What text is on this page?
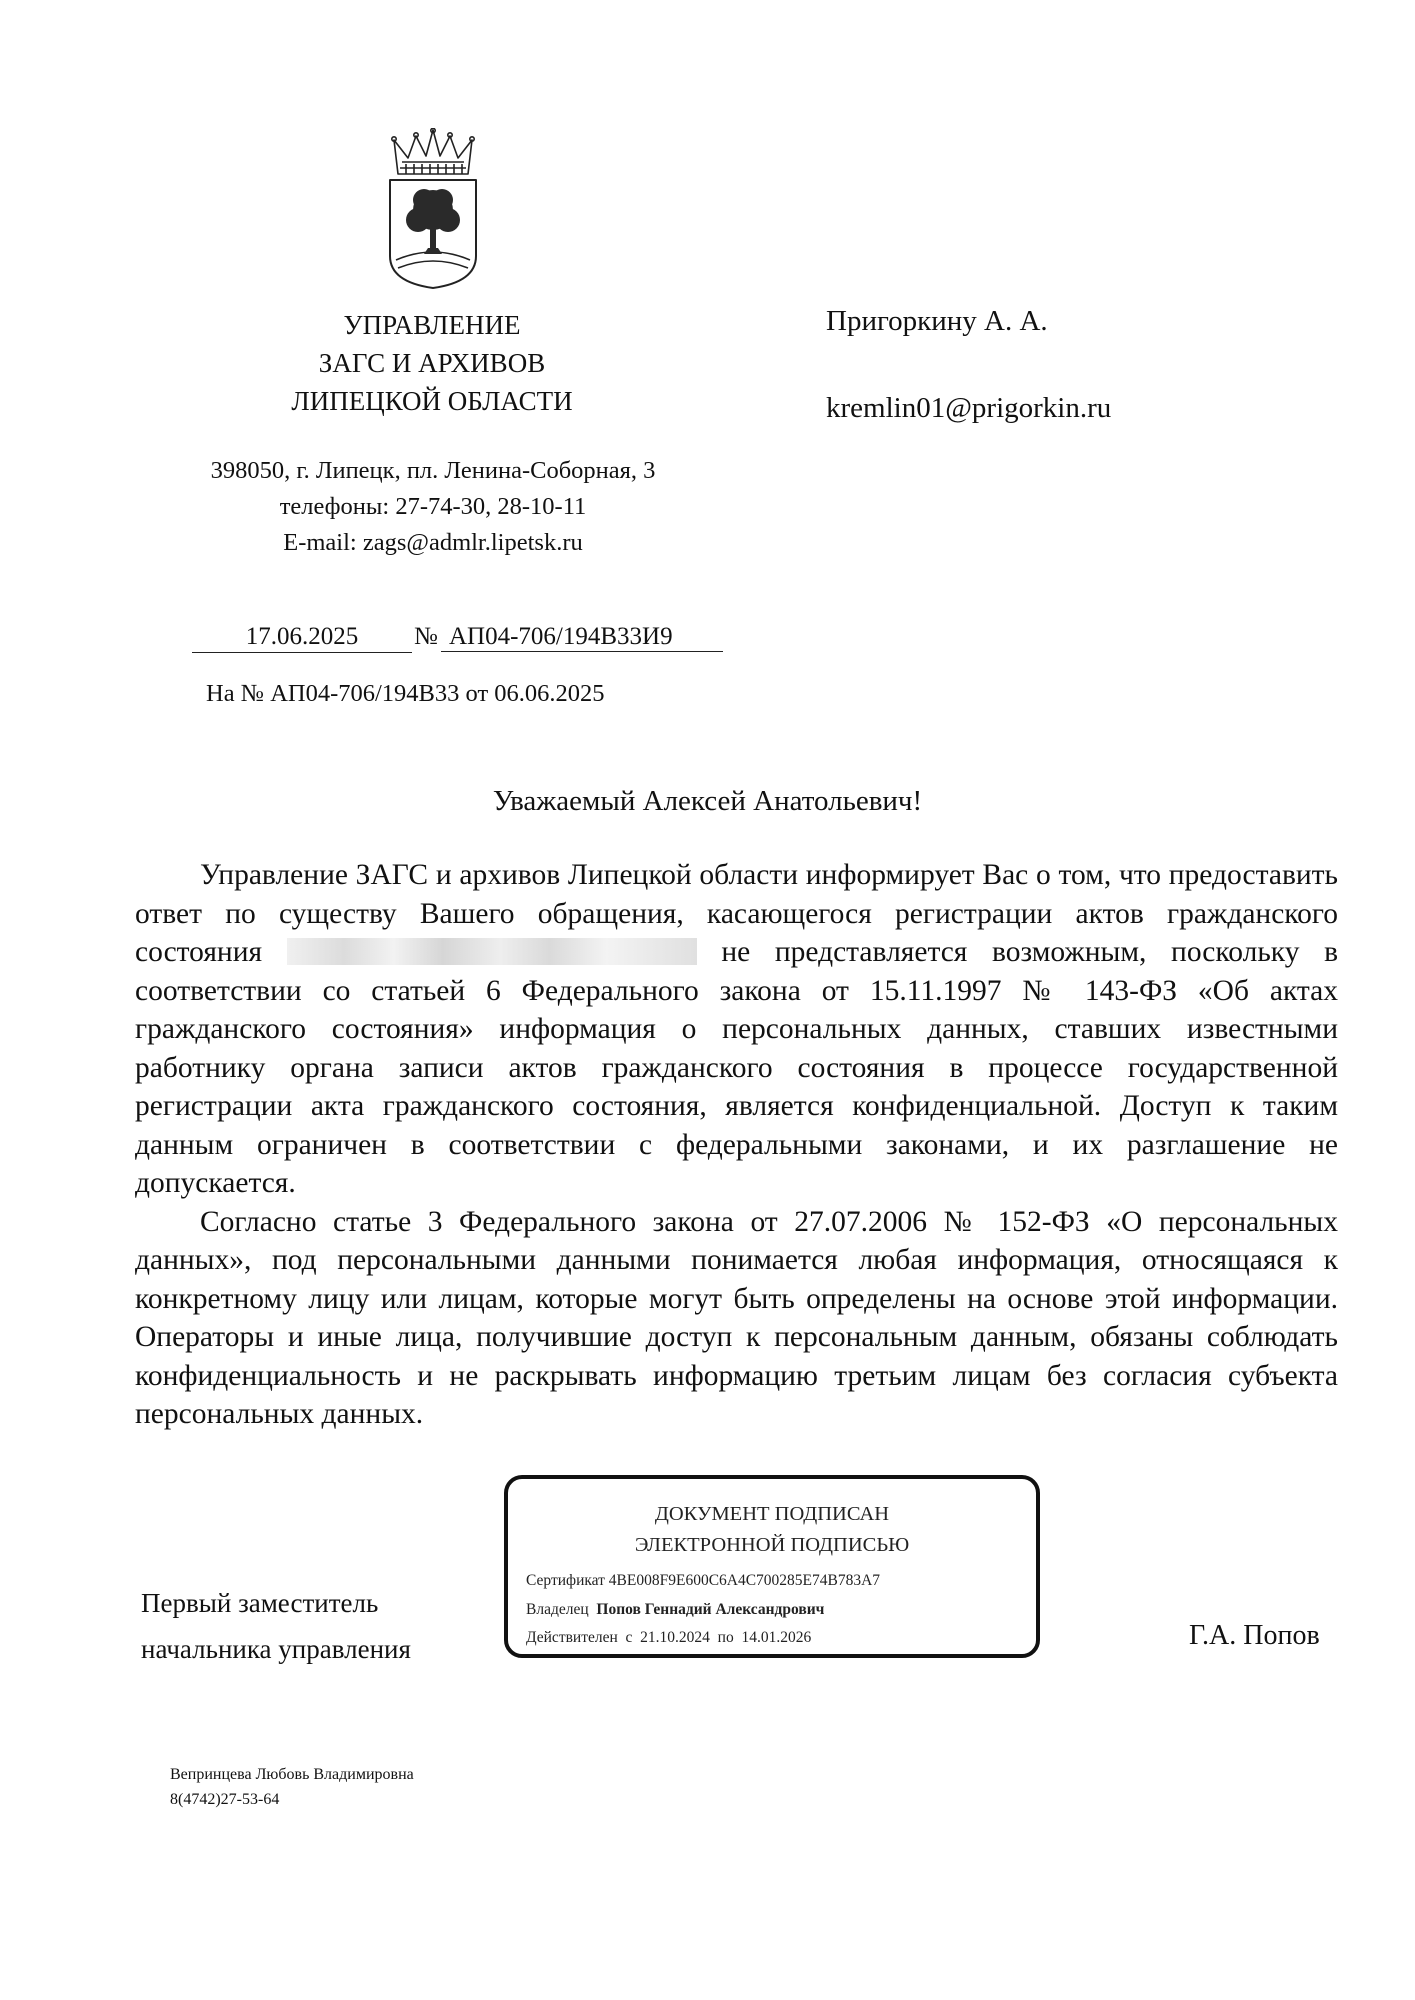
УПРАВЛЕНИЕ
ЗАГС И АРХИВОВ
ЛИПЕЦКОЙ ОБЛАСТИ
398050, г. Липецк, пл. Ленина-Соборная, 3
телефоны: 27-74-30, 28-10-11
E-mail: zags@admlr.lipetsk.ru
Пригоркину А. А.
kremlin01@prigorkin.ru
17.06.2025	№ АП04-706/194В33И9
На № АП04-706/194В33 от 06.06.2025
Уважаемый Алексей Анатольевич!

Управление ЗАГС и архивов Липецкой области информирует Вас о том, что предоставить ответ по существу Вашего обращения, касающегося регистрации актов гражданского состояния	не представляется возможным, поскольку в соответствии со статьей 6 Федерального закона от 15.11.1997 № 143-ФЗ «Об актах гражданского состояния» информация о персональных данных, ставших известными работнику органа записи актов гражданского состояния в процессе государственной регистрации акта гражданского состояния, является конфиденциальной. Доступ к таким данным ограничен в соответствии с федеральными законами, и их разглашение не допускается.

Согласно статье 3 Федерального закона от 27.07.2006 № 152-ФЗ «О персональных данных», под персональными данными понимается любая информация, относящаяся к конкретному лицу или лицам, которые могут быть определены на основе этой информации. Операторы и иные лица, получившие доступ к персональным данным, обязаны соблюдать конфиденциальность и не раскрывать информацию третьим лицам без согласия субъекта персональных данных.

ДОКУМЕНТ ПОДПИСАН
ЭЛЕКТРОННОЙ ПОДПИСЬЮ
Сертификат 4BE008F9E600C6A4C700285E74B783A7
Владелец Попов Геннадий Александрович
Действителен с 21.10.2024 по 14.01.2026
Первый заместитель
начальника управления	Г.А. Попов
Вепринцева Любовь Владимировна
8(4742)27-53-64
